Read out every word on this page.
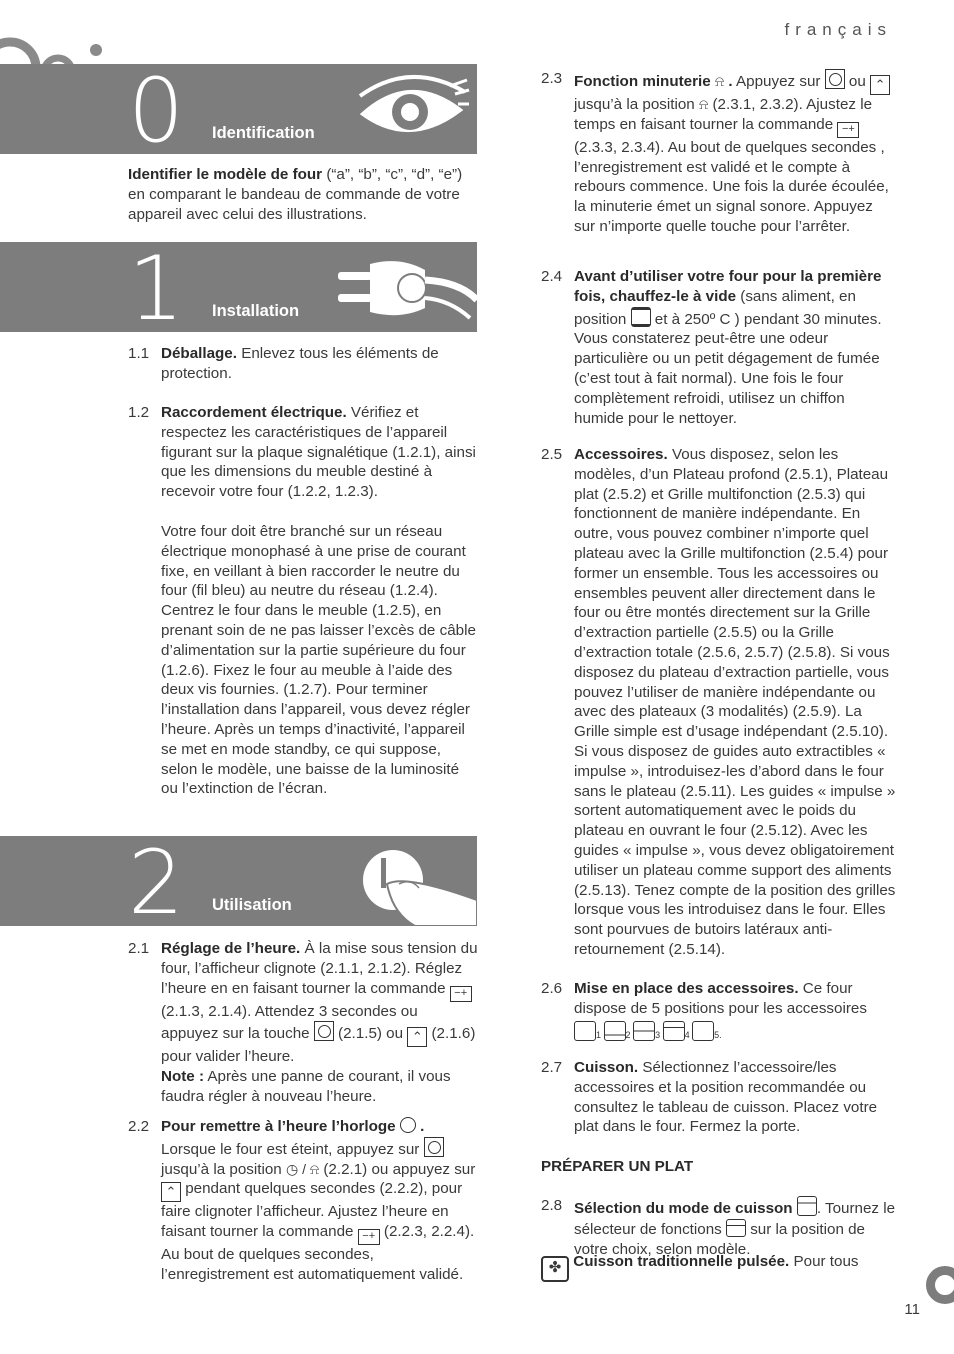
français
0 Identification

Identifier le modèle de four (“a”, “b”, “c”, “d”, “e”) en comparant le bandeau de commande de votre appareil avec celui des illustrations.

1 Installation
1.1 Déballage. Enlevez tous les éléments de protection.
1.2 Raccordement électrique. Vérifiez et respectez les caractéristiques de l’appareil figurant sur la plaque signalétique (1.2.1), ainsi que les dimensions du meuble destiné à recevoir votre four (1.2.2, 1.2.3).

Votre four doit être branché sur un réseau électrique monophasé à une prise de courant fixe, en veillant à bien raccorder le neutre du four (fil bleu) au neutre du réseau (1.2.4). Centrez le four dans le meuble (1.2.5), en prenant soin de ne pas laisser l’excès de câble d’alimentation sur la partie supérieure du four (1.2.6). Fixez le four au meuble à l’aide des deux vis fournies. (1.2.7). Pour terminer l’installation dans l’appareil, vous devez régler l’heure. Après un temps d’inactivité, l’appareil se met en mode standby, ce qui suppose, selon le modèle, une baisse de la luminosité ou l’extinction de l’écran.

2 Utilisation
2.1 Réglage de l’heure. À la mise sous tension du four, l’afficheur clignote (2.1.1, 2.1.2). Réglez l’heure en en faisant tourner la commande −+ (2.1.3, 2.1.4). Attendez 3 secondes ou appuyez sur la touche
(2.1.5) ou ⌃ (2.1.6) pour valider l’heure.

Note : Après une panne de courant, il vous faudra régler à nouveau l’heure.

2.2 Pour remettre à l’heure l’horloge  .

Lorsque le four est éteint, appuyez sur
jusqu’à la position ◷ / ⍾ (2.2.1) ou appuyez sur ⌃ pendant quelques secondes (2.2.2), pour faire clignoter l’afficheur. Ajustez l’heure en faisant tourner la commande −+ (2.2.3, 2.2.4). Au bout de quelques secondes, l’enregistrement est automatiquement validé.

2.3 Fonction minuterie ⍾ . Appuyez sur
ou ⌃ jusqu’à la position ⍾ (2.3.1, 2.3.2). Ajustez le temps en faisant tourner la commande −+ (2.3.3, 2.3.4). Au bout de quelques secondes , l’enregistrement est validé et le compte à rebours commence. Une fois la durée écoulée, la minuterie émet un signal sonore. Appuyez sur n’importe quelle touche pour l’arrêter.
2.4 Avant d’utiliser votre four pour la première fois, chauffez-le à vide (sans aliment, en position  et à 250º C ) pendant 30 minutes. Vous constaterez peut-être une odeur particulière ou un petit dégagement de fumée (c’est tout à fait normal). Une fois le four complètement refroidi, utilisez un chiffon humide pour le nettoyer.
2.5 Accessoires. Vous disposez, selon les modèles, d’un Plateau profond (2.5.1), Plateau plat (2.5.2) et Grille multifonction (2.5.3) qui fonctionnent de manière indépendante. En outre, vous pouvez combiner n’importe quel plateau avec la Grille multifonction (2.5.4) pour former un ensemble. Tous les accessoires ou ensembles peuvent aller directement dans le four ou être montés directement sur la Grille d’extraction partielle (2.5.5) ou la Grille d’extraction totale (2.5.6, 2.5.7) (2.5.8). Si vous disposez du plateau d’extraction partielle, vous pouvez l’utiliser de manière indépendante ou avec des plateaux (3 modalités) (2.5.9). La Grille simple est d’usage indépendant (2.5.10). Si vous disposez de guides auto extractibles « impulse », introduisez-les d’abord dans le four sans le plateau (2.5.11). Les guides « impulse » sortent automatiquement avec le poids du plateau en ouvrant le four (2.5.12). Avec les guides « impulse », vous devez obligatoirement utiliser un plateau comme support des aliments (2.5.13). Tenez compte de la position des grilles lorsque vous les introduisez dans le four. Elles sont pourvues de butoirs latéraux anti-retournement (2.5.14).
2.6 Mise en place des accessoires. Ce four dispose de 5 positions pour les accessoires

1	2	3	4	5.

2.7 Cuisson. Sélectionnez l’accessoire/les accessoires et la position recommandée ou consultez le tableau de cuisson. Placez votre plat dans le four. Fermez la porte.
PRÉPARER UN PLAT
2.8 Sélection du mode de cuisson . Tournez le sélecteur de fonctions  sur la position de votre choix, selon modèle.
✤ Cuisson traditionnelle pulsée. Pour tous
11
